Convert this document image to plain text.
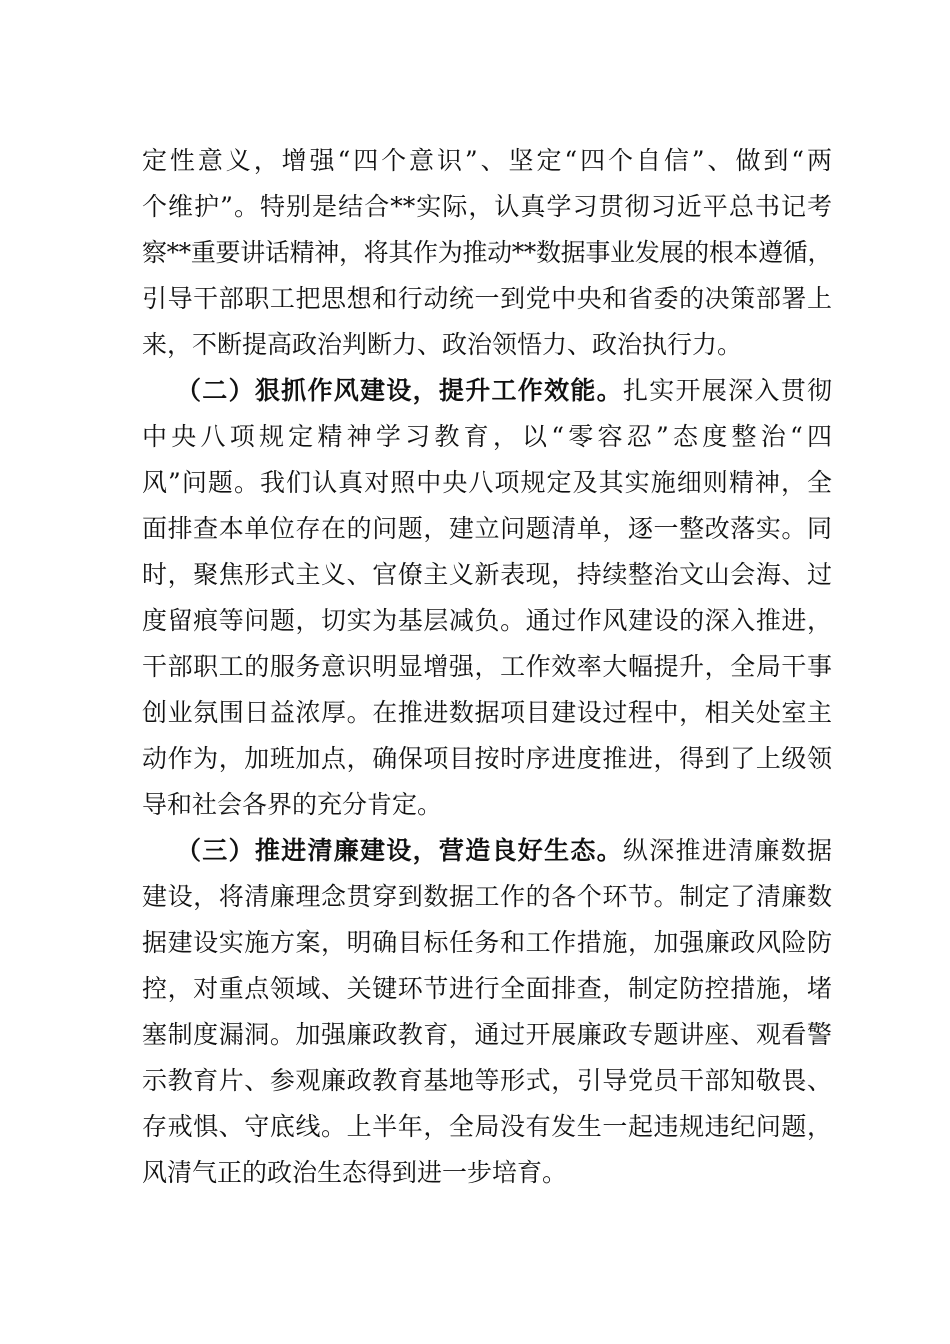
定性意义，增强“四个意识”、坚定“四个自信”、做到“两
个维护”。特别是结合**实际，认真学习贯彻习近平总书记考
察**重要讲话精神，将其作为推动**数据事业发展的根本遵循，
引导干部职工把思想和行动统一到党中央和省委的决策部署上
来，不断提高政治判断力、政治领悟力、政治执行力。
（二）狠抓作风建设，提升工作效能。扎实开展深入贯彻
中央八项规定精神学习教育，以“零容忍”态度整治“四
风”问题。我们认真对照中央八项规定及其实施细则精神，全
面排查本单位存在的问题，建立问题清单，逐一整改落实。同
时，聚焦形式主义、官僚主义新表现，持续整治文山会海、过
度留痕等问题，切实为基层减负。通过作风建设的深入推进，
干部职工的服务意识明显增强，工作效率大幅提升，全局干事
创业氛围日益浓厚。在推进数据项目建设过程中，相关处室主
动作为，加班加点，确保项目按时序进度推进，得到了上级领
导和社会各界的充分肯定。
（三）推进清廉建设，营造良好生态。纵深推进清廉数据
建设，将清廉理念贯穿到数据工作的各个环节。制定了清廉数
据建设实施方案，明确目标任务和工作措施，加强廉政风险防
控，对重点领域、关键环节进行全面排查，制定防控措施，堵
塞制度漏洞。加强廉政教育，通过开展廉政专题讲座、观看警
示教育片、参观廉政教育基地等形式，引导党员干部知敬畏、
存戒惧、守底线。上半年，全局没有发生一起违规违纪问题，
风清气正的政治生态得到进一步培育。
